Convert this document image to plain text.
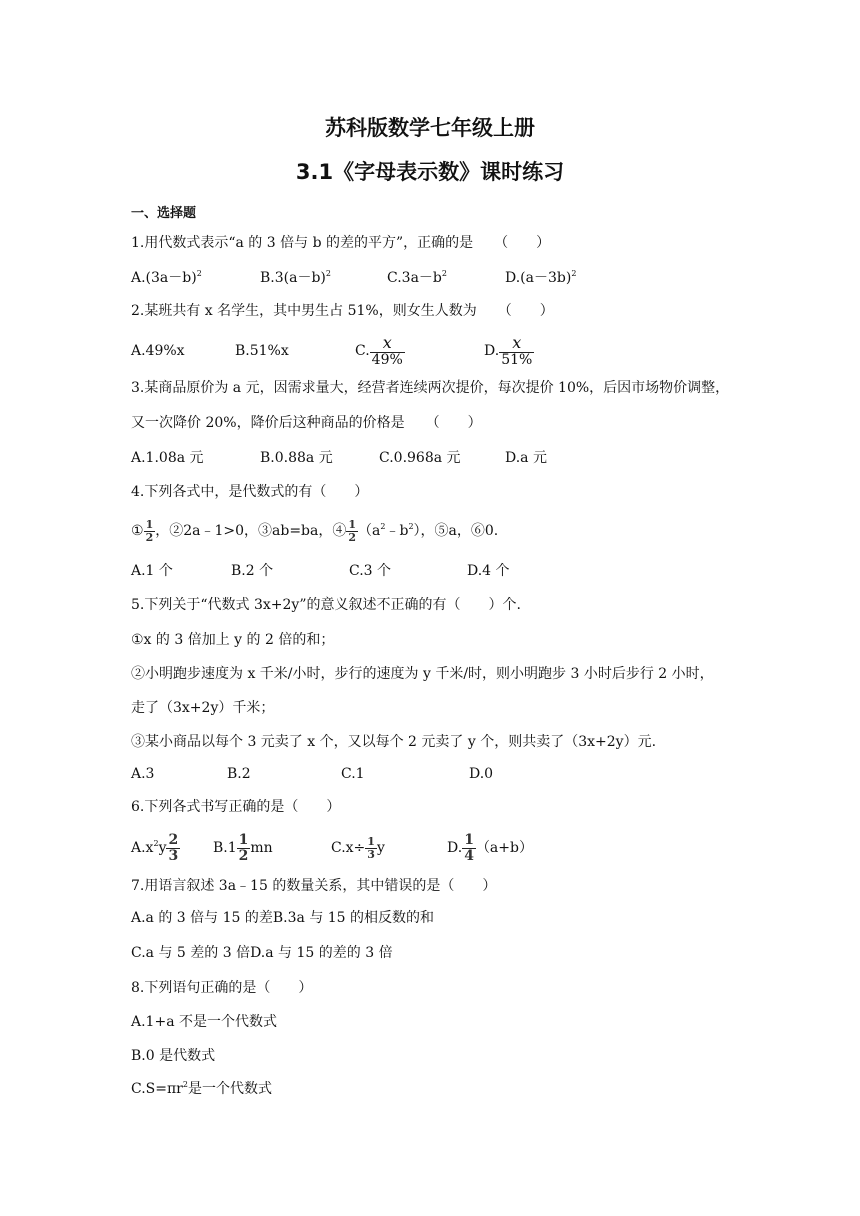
苏科版数学七年级上册
3.1《字母表示数》课时练习
一、选择题
1.用代数式表示“a 的 3 倍与 b 的差的平方”，正确的是　　（　　）
$A.(3a-b)^2$	$B.3(a-b)^2$	$C.3a-b^2$	$D.(a-3b)^2$
2.某班共有 x 名学生，其中男生占 51%，则女生人数为　　（　　）
A.49%x	B.51%x	C. $\frac{x}{49\%}$	D. $\frac{x}{51\%}$
3.某商品原价为 a 元，因需求量大，经营者连续两次提价，每次提价 10%，后因市场物价调整，
又一次降价 20%，降价后这种商品的价格是　　（　　）
A.1.08a 元	B.0.88a 元	C.0.968a 元	D.a 元
4.下列各式中，是代数式的有（　　）
① $\frac{1}{2}$ ，②2a﹣1>0，③ab=ba，④ $\frac{1}{2}$ $(a^2﹣b^2)$，⑤a，⑥0.
A.1 个	B.2 个	C.3 个	D.4 个
5.下列关于“代数式 3x+2y”的意义叙述不正确的有（　　）个.
①x 的 3 倍加上 y 的 2 倍的和；
②小明跑步速度为 x 千米/小时，步行的速度为 y 千米/时，则小明跑步 3 小时后步行 2 小时，
走了（3x+2y）千米；
③某小商品以每个 3 元卖了 x 个，又以每个 2 元卖了 y 个，则共卖了（3x+2y）元.
A.3	B.2	C.1	D.0
6.下列各式书写正确的是（　　）
$A.x^2y \frac{2}{3} B.1 \frac{1}{2}$ mn	$C.x\div \frac{1}{3}$ y	D. $\frac{1}{4} (a+b)$
7.用语言叙述 3a﹣15 的数量关系，其中错误的是（　　）
A.a 的 3 倍与 15 的差B.3a 与 15 的相反数的和
C.a 与 5 差的 3 倍D.a 与 15 的差的 3 倍
8.下列语句正确的是（　　）
A.1+a 不是一个代数式
B.0 是代数式
$C.S=\pi r^2$是一个代数式
